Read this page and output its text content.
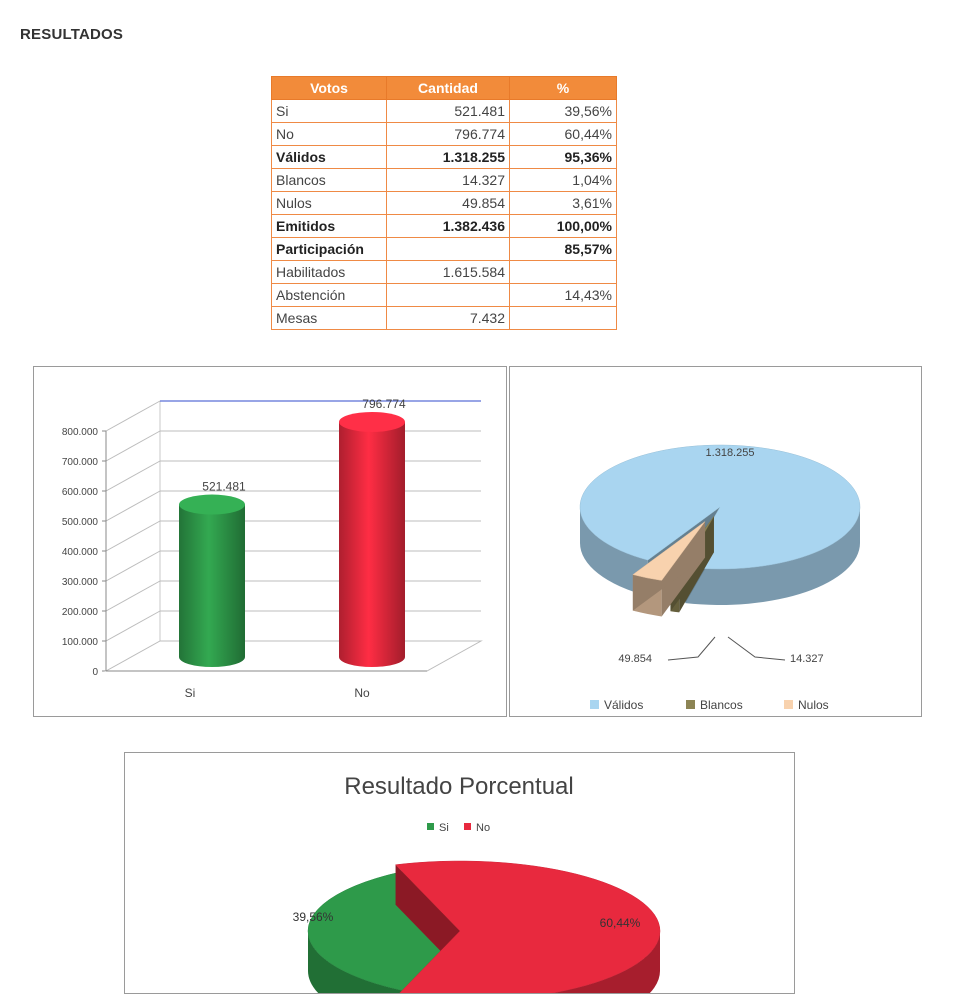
RESULTADOS
Votos	Cantidad	%
Si	521.481	39,56%
No	796.774	60,44%
Válidos	1.318.255	95,36%
Blancos	14.327	1,04%
Nulos	49.854	3,61%
Emitidos	1.382.436	100,00%
Participación		85,57%
Habilitados	1.615.584	
Abstención		14,43%
Mesas	7.432	
0
100.000
200.000
300.000
400.000
500.000
600.000
700.000
800.000
521.481
Si
796.774
No
1.318.255
49.854	14.327
Válidos	Blancos	Nulos
Resultado Porcentual
Si No
39,56%	60,44%
